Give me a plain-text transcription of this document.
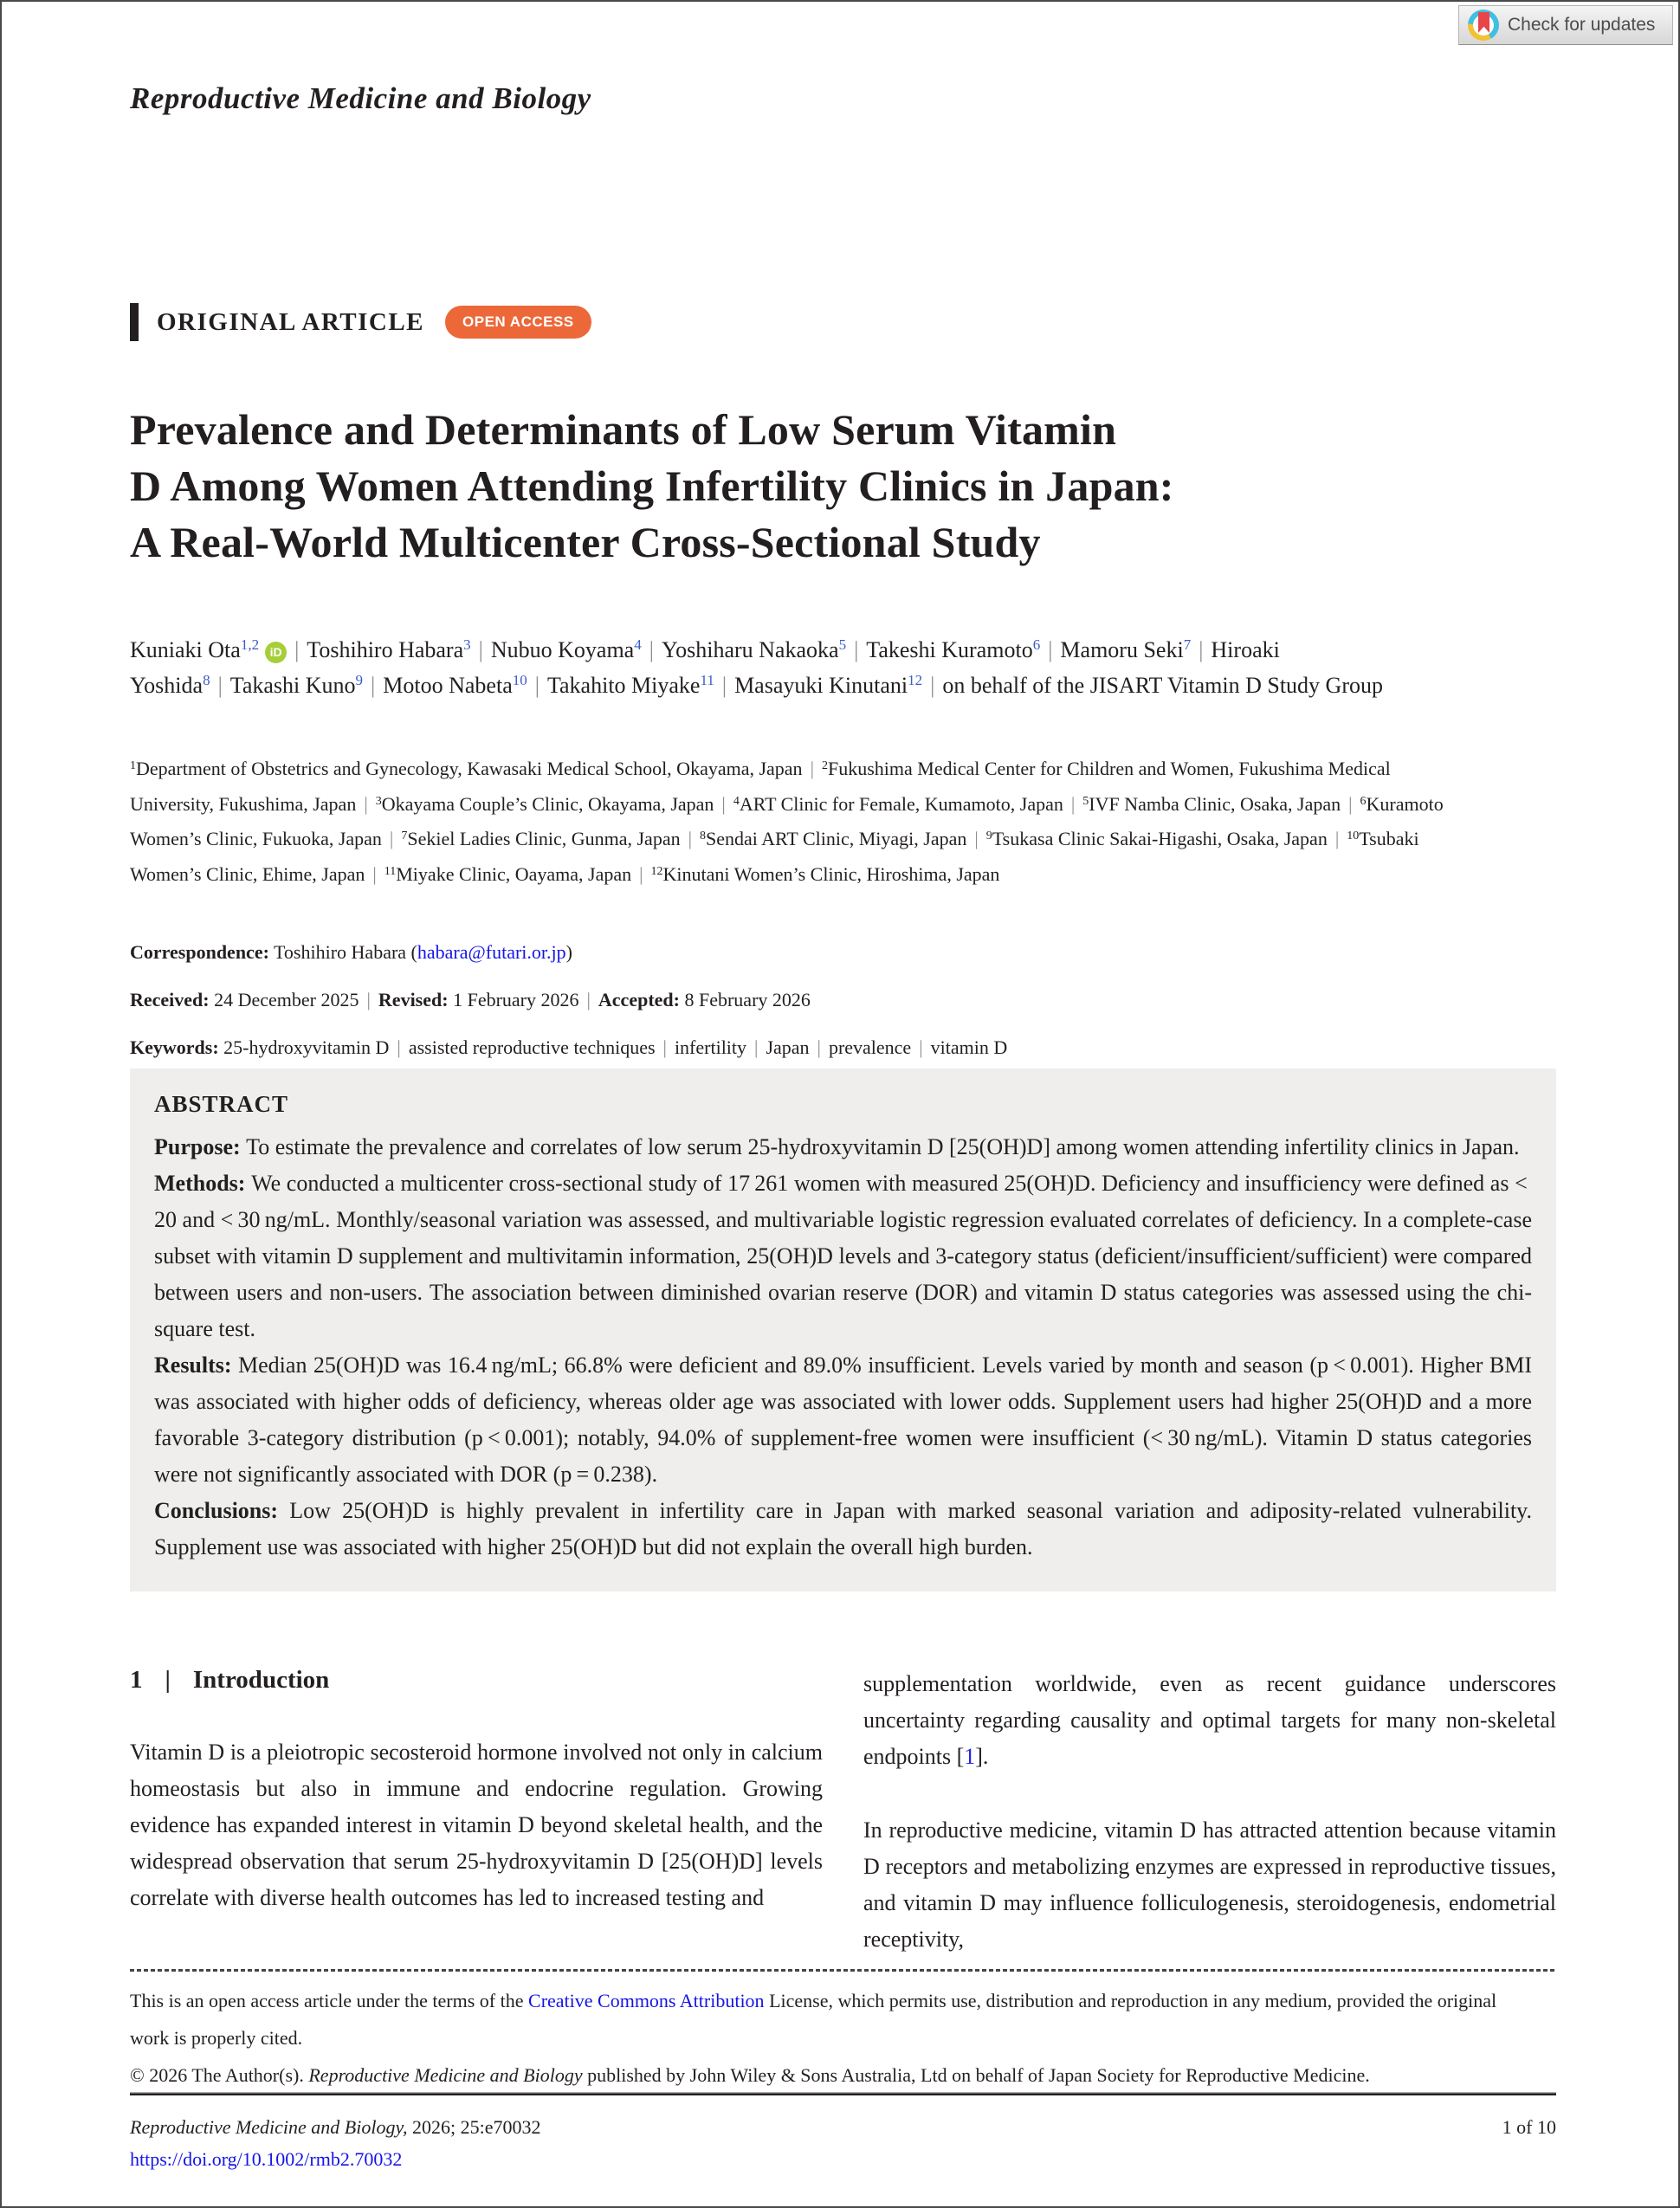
Check for updates
Reproductive Medicine and Biology
ORIGINAL ARTICLE	OPEN ACCESS
Prevalence and Determinants of Low Serum Vitamin
D Among Women Attending Infertility Clinics in Japan:
A Real-World Multicenter Cross-Sectional Study

Kuniaki Ota$^{1,2}$ iD | Toshihiro Habara$^3$ | Nubuo Koyama$^4$ | Yoshiharu Nakaoka$^5$ | Takeshi Kuramoto$^6$ | Mamoru Seki$^7$ | Hiroaki Yoshida$^8$ | Takashi Kuno$^9$ | Motoo Nabeta$^{10}$ | Takahito Miyake$^{11}$ | Masayuki Kinutani$^{12}$ | on behalf of the JISART Vitamin D Study Group

$^1$Department of Obstetrics and Gynecology, Kawasaki Medical School, Okayama, Japan | $^2$Fukushima Medical Center for Children and Women, Fukushima Medical University, Fukushima, Japan | $^3$Okayama Couple’s Clinic, Okayama, Japan | $^4$ART Clinic for Female, Kumamoto, Japan | $^5$IVF Namba Clinic, Osaka, Japan | $^6$Kuramoto Women’s Clinic, Fukuoka, Japan | $^7$Sekiel Ladies Clinic, Gunma, Japan | $^8$Sendai ART Clinic, Miyagi, Japan | $^9$Tsukasa Clinic Sakai-Higashi, Osaka, Japan | $^{10}$Tsubaki Women’s Clinic, Ehime, Japan | $^{11}$Miyake Clinic, Oayama, Japan | $^{12}$Kinutani Women’s Clinic, Hiroshima, Japan

Correspondence: Toshihiro Habara (habara@futari.or.jp)

Received: 24 December 2025 | Revised: 1 February 2026 | Accepted: 8 February 2026

Keywords: 25-hydroxyvitamin D | assisted reproductive techniques | infertility | Japan | prevalence | vitamin D

ABSTRACT

Purpose: To estimate the prevalence and correlates of low serum 25-hydroxyvitamin D [25(OH)D] among women attending infertility clinics in Japan.

Methods: We conducted a multicenter cross-sectional study of 17 261 women with measured 25(OH)D. Deficiency and insufficiency were defined as < 20 and < 30 ng/mL. Monthly/seasonal variation was assessed, and multivariable logistic regression evaluated correlates of deficiency. In a complete-case subset with vitamin D supplement and multivitamin information, 25(OH)D levels and 3-category status (deficient/insufficient/sufficient) were compared between users and non-users. The association between diminished ovarian reserve (DOR) and vitamin D status categories was assessed using the chi-square test.

Results: Median 25(OH)D was 16.4 ng/mL; 66.8% were deficient and 89.0% insufficient. Levels varied by month and season (p < 0.001). Higher BMI was associated with higher odds of deficiency, whereas older age was associated with lower odds. Supplement users had higher 25(OH)D and a more favorable 3-category distribution (p < 0.001); notably, 94.0% of supplement-free women were insufficient (< 30 ng/mL). Vitamin D status categories were not significantly associated with DOR (p = 0.238).

Conclusions: Low 25(OH)D is highly prevalent in infertility care in Japan with marked seasonal variation and adiposity-related vulnerability. Supplement use was associated with higher 25(OH)D but did not explain the overall high burden.

1 | Introduction

Vitamin D is a pleiotropic secosteroid hormone involved not only in calcium homeostasis but also in immune and endocrine regulation. Growing evidence has expanded interest in vitamin D beyond skeletal health, and the widespread observation that serum 25-hydroxyvitamin D [25(OH)D] levels correlate with diverse health outcomes has led to increased testing and

supplementation worldwide, even as recent guidance underscores uncertainty regarding causality and optimal targets for many non-skeletal endpoints [1].

In reproductive medicine, vitamin D has attracted attention because vitamin D receptors and metabolizing enzymes are expressed in reproductive tissues, and vitamin D may influence folliculogenesis, steroidogenesis, endometrial receptivity,

This is an open access article under the terms of the Creative Commons Attribution License, which permits use, distribution and reproduction in any medium, provided the original work is properly cited.

© 2026 The Author(s). Reproductive Medicine and Biology published by John Wiley & Sons Australia, Ltd on behalf of Japan Society for Reproductive Medicine.

Reproductive Medicine and Biology, 2026; 25:e70032	1 of 10
https://doi.org/10.1002/rmb2.70032
